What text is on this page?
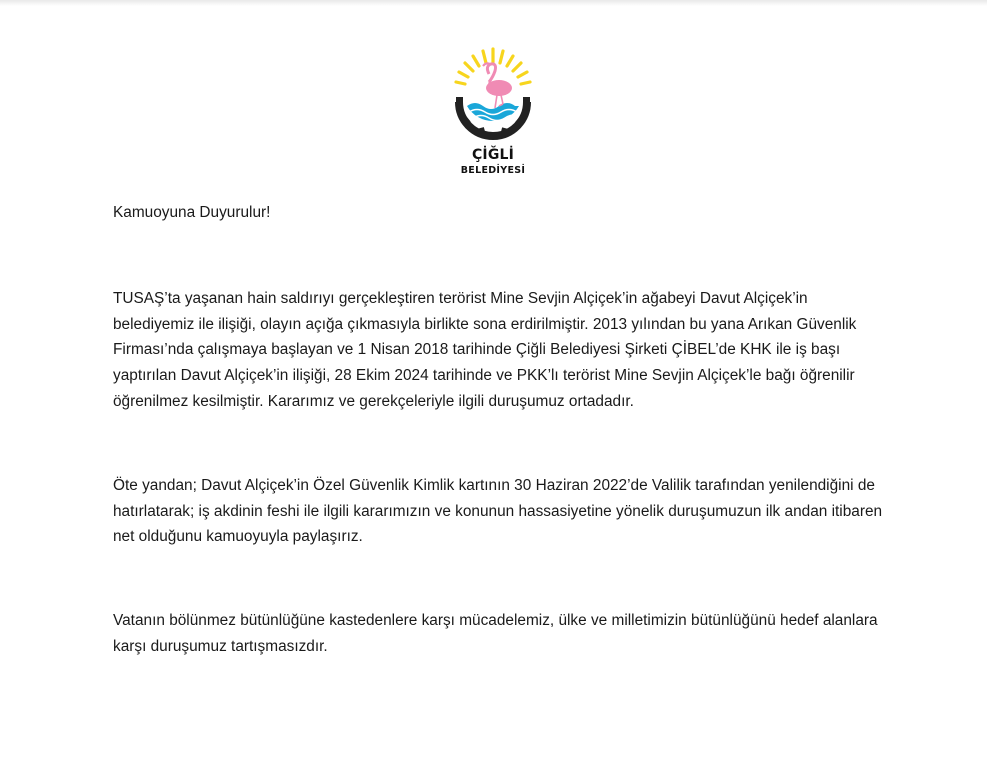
ÇİĞLİ
BELEDİYESİ

Kamuoyuna Duyurulur!

TUSAŞ’ta yaşanan hain saldırıyı gerçekleştiren terörist Mine Sevjin Alçiçek’in ağabeyi Davut Alçiçek’in belediyemiz ile ilişiği, olayın açığa çıkmasıyla birlikte sona erdirilmiştir. 2013 yılından bu yana Arıkan Güvenlik Firması’nda çalışmaya başlayan ve 1 Nisan 2018 tarihinde Çiğli Belediyesi Şirketi ÇİBEL’de KHK ile iş başı yaptırılan Davut Alçiçek’in ilişiği, 28 Ekim 2024 tarihinde ve PKK’lı terörist Mine Sevjin Alçiçek’le bağı öğrenilir öğrenilmez kesilmiştir. Kararımız ve gerekçeleriyle ilgili duruşumuz ortadadır.

Öte yandan; Davut Alçiçek’in Özel Güvenlik Kimlik kartının 30 Haziran 2022’de Valilik tarafından yenilendiğini de hatırlatarak; iş akdinin feshi ile ilgili kararımızın ve konunun hassasiyetine yönelik duruşumuzun ilk andan itibaren net olduğunu kamuoyuyla paylaşırız.

Vatanın bölünmez bütünlüğüne kastedenlere karşı mücadelemiz, ülke ve milletimizin bütünlüğünü hedef alanlara karşı duruşumuz tartışmasızdır.
